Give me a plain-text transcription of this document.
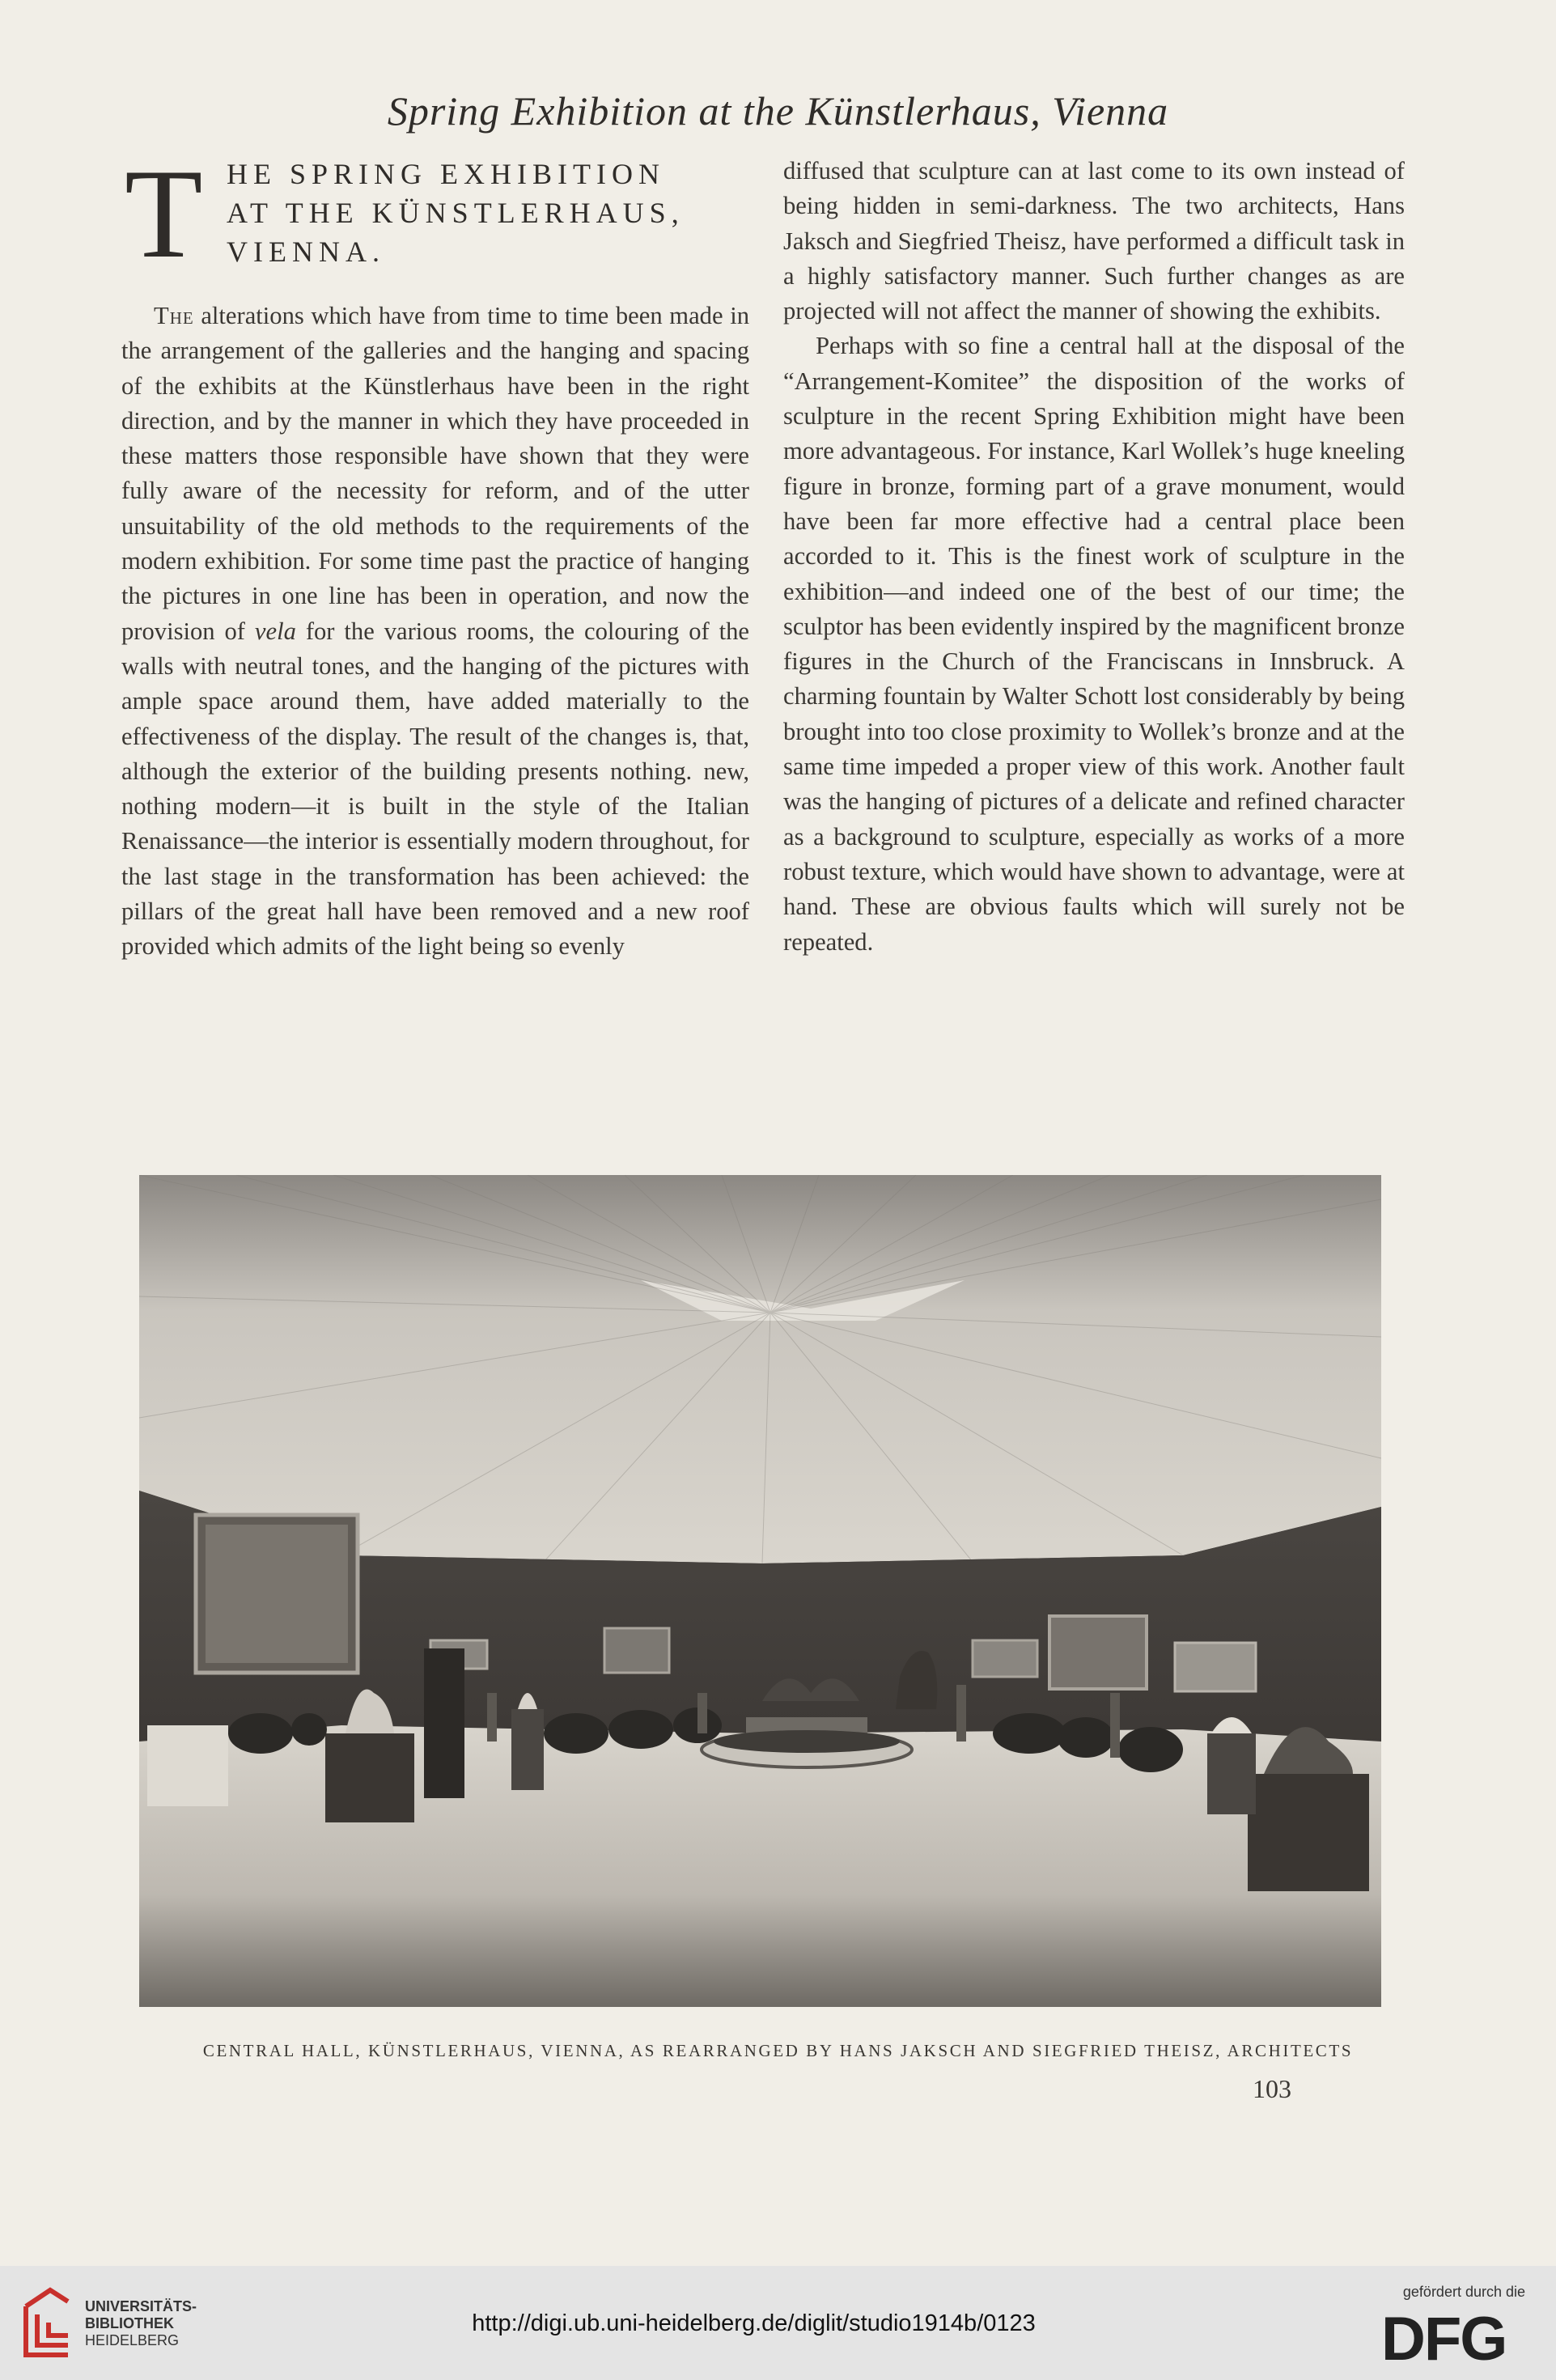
Spring Exhibition at the Künstlerhaus, Vienna
T HE SPRING EXHIBITION
AT THE KÜNSTLERHAUS,
VIENNA.

The alterations which have from time to time been made in the arrangement of the galleries and the hanging and spacing of the exhibits at the Künstlerhaus have been in the right direction, and by the manner in which they have proceeded in these matters those responsible have shown that they were fully aware of the necessity for reform, and of the utter unsuitability of the old methods to the requirements of the modern exhibition. For some time past the practice of hanging the pictures in one line has been in operation, and now the provision of vela for the various rooms, the colouring of the walls with neutral tones, and the hanging of the pictures with ample space around them, have added materially to the effectiveness of the display. The result of the changes is, that, although the exterior of the building presents nothing. new, nothing modern—it is built in the style of the Italian Renaissance—the interior is essentially modern throughout, for the last stage in the transformation has been achieved: the pillars of the great hall have been removed and a new roof provided which admits of the light being so evenly

diffused that sculpture can at last come to its own instead of being hidden in semi-darkness. The two architects, Hans Jaksch and Siegfried Theisz, have performed a difficult task in a highly satisfactory manner. Such further changes as are projected will not affect the manner of showing the exhibits.

Perhaps with so fine a central hall at the disposal of the “Arrangement-Komitee” the disposition of the works of sculpture in the recent Spring Exhibition might have been more advantageous. For instance, Karl Wollek’s huge kneeling figure in bronze, forming part of a grave monument, would have been far more effective had a central place been accorded to it. This is the finest work of sculpture in the exhibition—and indeed one of the best of our time; the sculptor has been evidently inspired by the magnificent bronze figures in the Church of the Franciscans in Innsbruck. A charming fountain by Walter Schott lost considerably by being brought into too close proximity to Wollek’s bronze and at the same time impeded a proper view of this work. Another fault was the hanging of pictures of a delicate and refined character as a background to sculpture, especially as works of a more robust texture, which would have shown to advantage, were at hand. These are obvious faults which will surely not be repeated.

CENTRAL HALL, KÜNSTLERHAUS, VIENNA, AS REARRANGED BY HANS JAKSCH AND SIEGFRIED THEISZ, ARCHITECTS
103
UNIVERSITÄTS-
BIBLIOTHEK
HEIDELBERG
http://digi.ub.uni-heidelberg.de/diglit/studio1914b/0123
gefördert durch die
DFG
